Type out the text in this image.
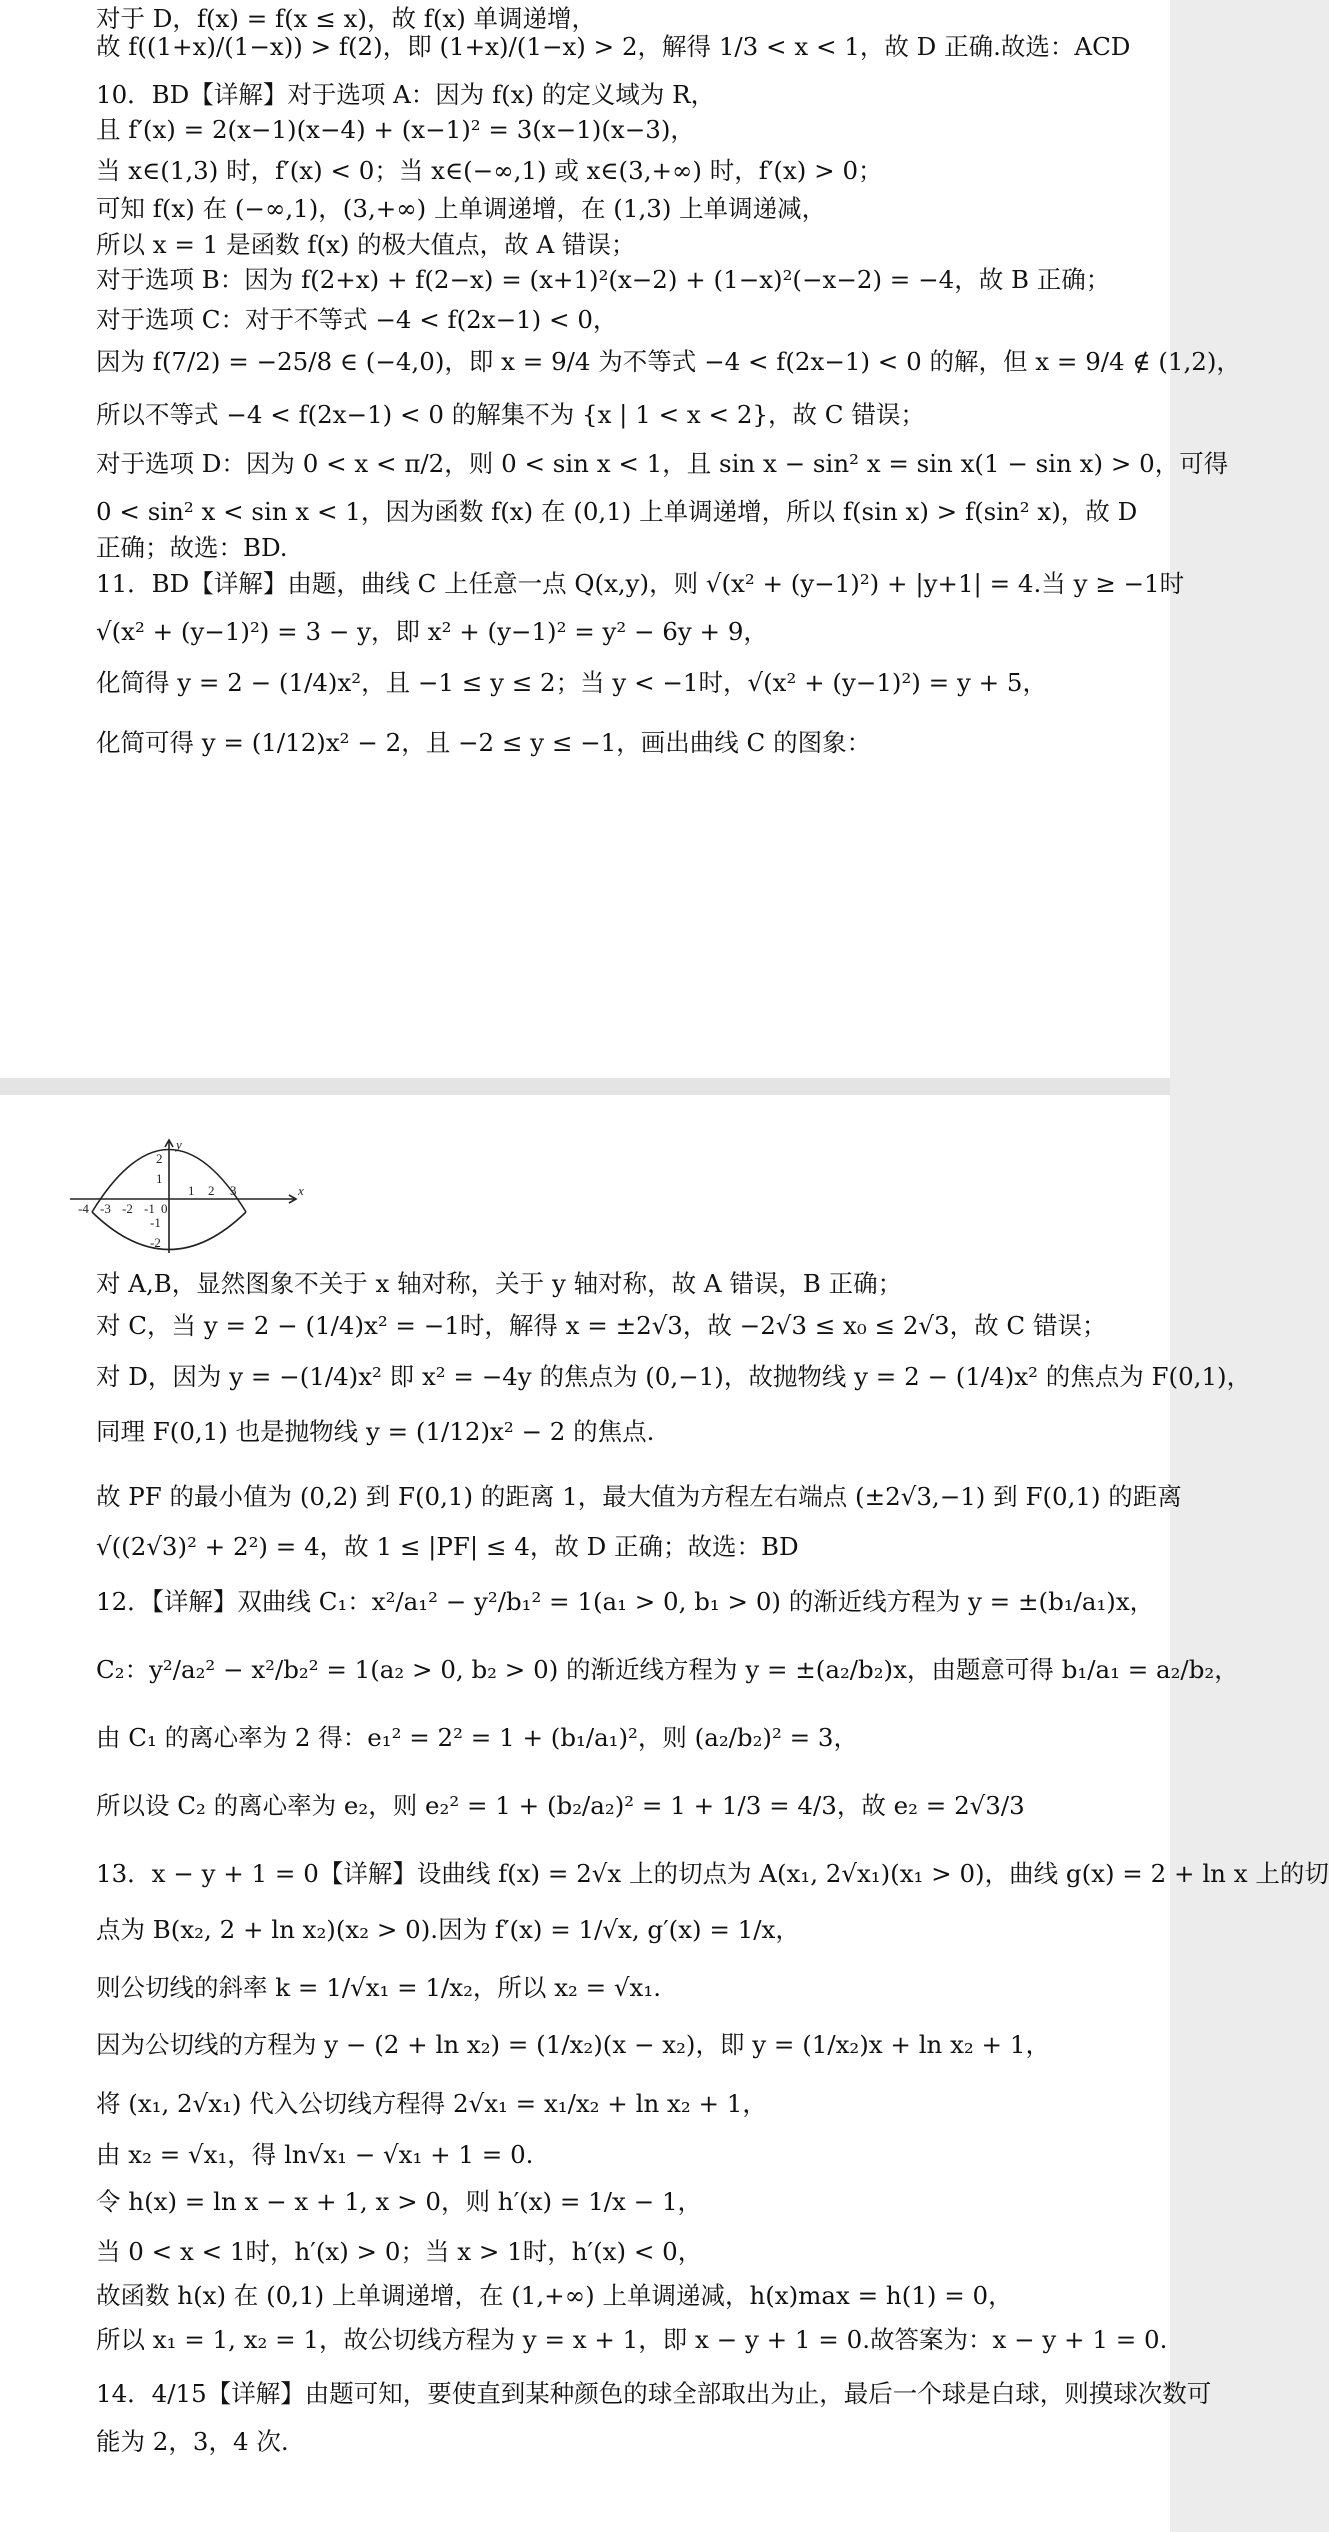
对于 D，f(x) = f(x ≤ x)，故 f(x) 单调递增，
故 f((1+x)/(1−x)) > f(2)，即 (1+x)/(1−x) > 2，解得 1/3 < x < 1，故 D 正确.故选：ACD
10．BD【详解】对于选项 A：因为 f(x) 的定义域为 R，
且 f′(x) = 2(x−1)(x−4) + (x−1)² = 3(x−1)(x−3)，
当 x∈(1,3) 时，f′(x) < 0；当 x∈(−∞,1) 或 x∈(3,+∞) 时，f′(x) > 0；
可知 f(x) 在 (−∞,1)，(3,+∞) 上单调递增，在 (1,3) 上单调递减，
所以 x = 1 是函数 f(x) 的极大值点，故 A 错误；
对于选项 B：因为 f(2+x) + f(2−x) = (x+1)²(x−2) + (1−x)²(−x−2) = −4，故 B 正确；
对于选项 C：对于不等式 −4 < f(2x−1) < 0，
因为 f(7/2) = −25/8 ∈ (−4,0)，即 x = 9/4 为不等式 −4 < f(2x−1) < 0 的解，但 x = 9/4 ∉ (1,2)，
所以不等式 −4 < f(2x−1) < 0 的解集不为 {x | 1 < x < 2}，故 C 错误；
对于选项 D：因为 0 < x < π/2，则 0 < sin x < 1，且 sin x − sin² x = sin x(1 − sin x) > 0，可得
0 < sin² x < sin x < 1，因为函数 f(x) 在 (0,1) 上单调递增，所以 f(sin x) > f(sin² x)，故 D
正确；故选：BD.
11．BD【详解】由题，曲线 C 上任意一点 Q(x,y)，则 √(x² + (y−1)²) + |y+1| = 4.当 y ≥ −1时
√(x² + (y−1)²) = 3 − y，即 x² + (y−1)² = y² − 6y + 9，
化简得 y = 2 − (1/4)x²，且 −1 ≤ y ≤ 2；当 y < −1时，√(x² + (y−1)²) = y + 5，
化简可得 y = (1/12)x² − 2，且 −2 ≤ y ≤ −1，画出曲线 C 的图象：
-4 -3 -2 -1 0
1 2 3	x
2
1
-1
-2
y
对 A,B，显然图象不关于 x 轴对称，关于 y 轴对称，故 A 错误，B 正确；
对 C，当 y = 2 − (1/4)x² = −1时，解得 x = ±2√3，故 −2√3 ≤ x₀ ≤ 2√3，故 C 错误；
对 D，因为 y = −(1/4)x² 即 x² = −4y 的焦点为 (0,−1)，故抛物线 y = 2 − (1/4)x² 的焦点为 F(0,1)，
同理 F(0,1) 也是抛物线 y = (1/12)x² − 2 的焦点.
故 PF 的最小值为 (0,2) 到 F(0,1) 的距离 1，最大值为方程左右端点 (±2√3,−1) 到 F(0,1) 的距离
√((2√3)² + 2²) = 4，故 1 ≤ |PF| ≤ 4，故 D 正确；故选：BD
12．【详解】双曲线 C₁：x²/a₁² − y²/b₁² = 1(a₁ > 0, b₁ > 0) 的渐近线方程为 y = ±(b₁/a₁)x，
C₂：y²/a₂² − x²/b₂² = 1(a₂ > 0, b₂ > 0) 的渐近线方程为 y = ±(a₂/b₂)x，由题意可得 b₁/a₁ = a₂/b₂，
由 C₁ 的离心率为 2 得：e₁² = 2² = 1 + (b₁/a₁)²，则 (a₂/b₂)² = 3，
所以设 C₂ 的离心率为 e₂，则 e₂² = 1 + (b₂/a₂)² = 1 + 1/3 = 4/3，故 e₂ = 2√3/3
13．x − y + 1 = 0【详解】设曲线 f(x) = 2√x 上的切点为 A(x₁, 2√x₁)(x₁ > 0)，曲线 g(x) = 2 + ln x 上的切
点为 B(x₂, 2 + ln x₂)(x₂ > 0).因为 f′(x) = 1/√x, g′(x) = 1/x，
则公切线的斜率 k = 1/√x₁ = 1/x₂，所以 x₂ = √x₁.
因为公切线的方程为 y − (2 + ln x₂) = (1/x₂)(x − x₂)，即 y = (1/x₂)x + ln x₂ + 1，
将 (x₁, 2√x₁) 代入公切线方程得 2√x₁ = x₁/x₂ + ln x₂ + 1，
由 x₂ = √x₁，得 ln√x₁ − √x₁ + 1 = 0.
令 h(x) = ln x − x + 1, x > 0，则 h′(x) = 1/x − 1，
当 0 < x < 1时，h′(x) > 0；当 x > 1时，h′(x) < 0，
故函数 h(x) 在 (0,1) 上单调递增，在 (1,+∞) 上单调递减，h(x)max = h(1) = 0，
所以 x₁ = 1, x₂ = 1，故公切线方程为 y = x + 1，即 x − y + 1 = 0.故答案为：x − y + 1 = 0.
14．4/15【详解】由题可知，要使直到某种颜色的球全部取出为止，最后一个球是白球，则摸球次数可
能为 2，3，4 次.
